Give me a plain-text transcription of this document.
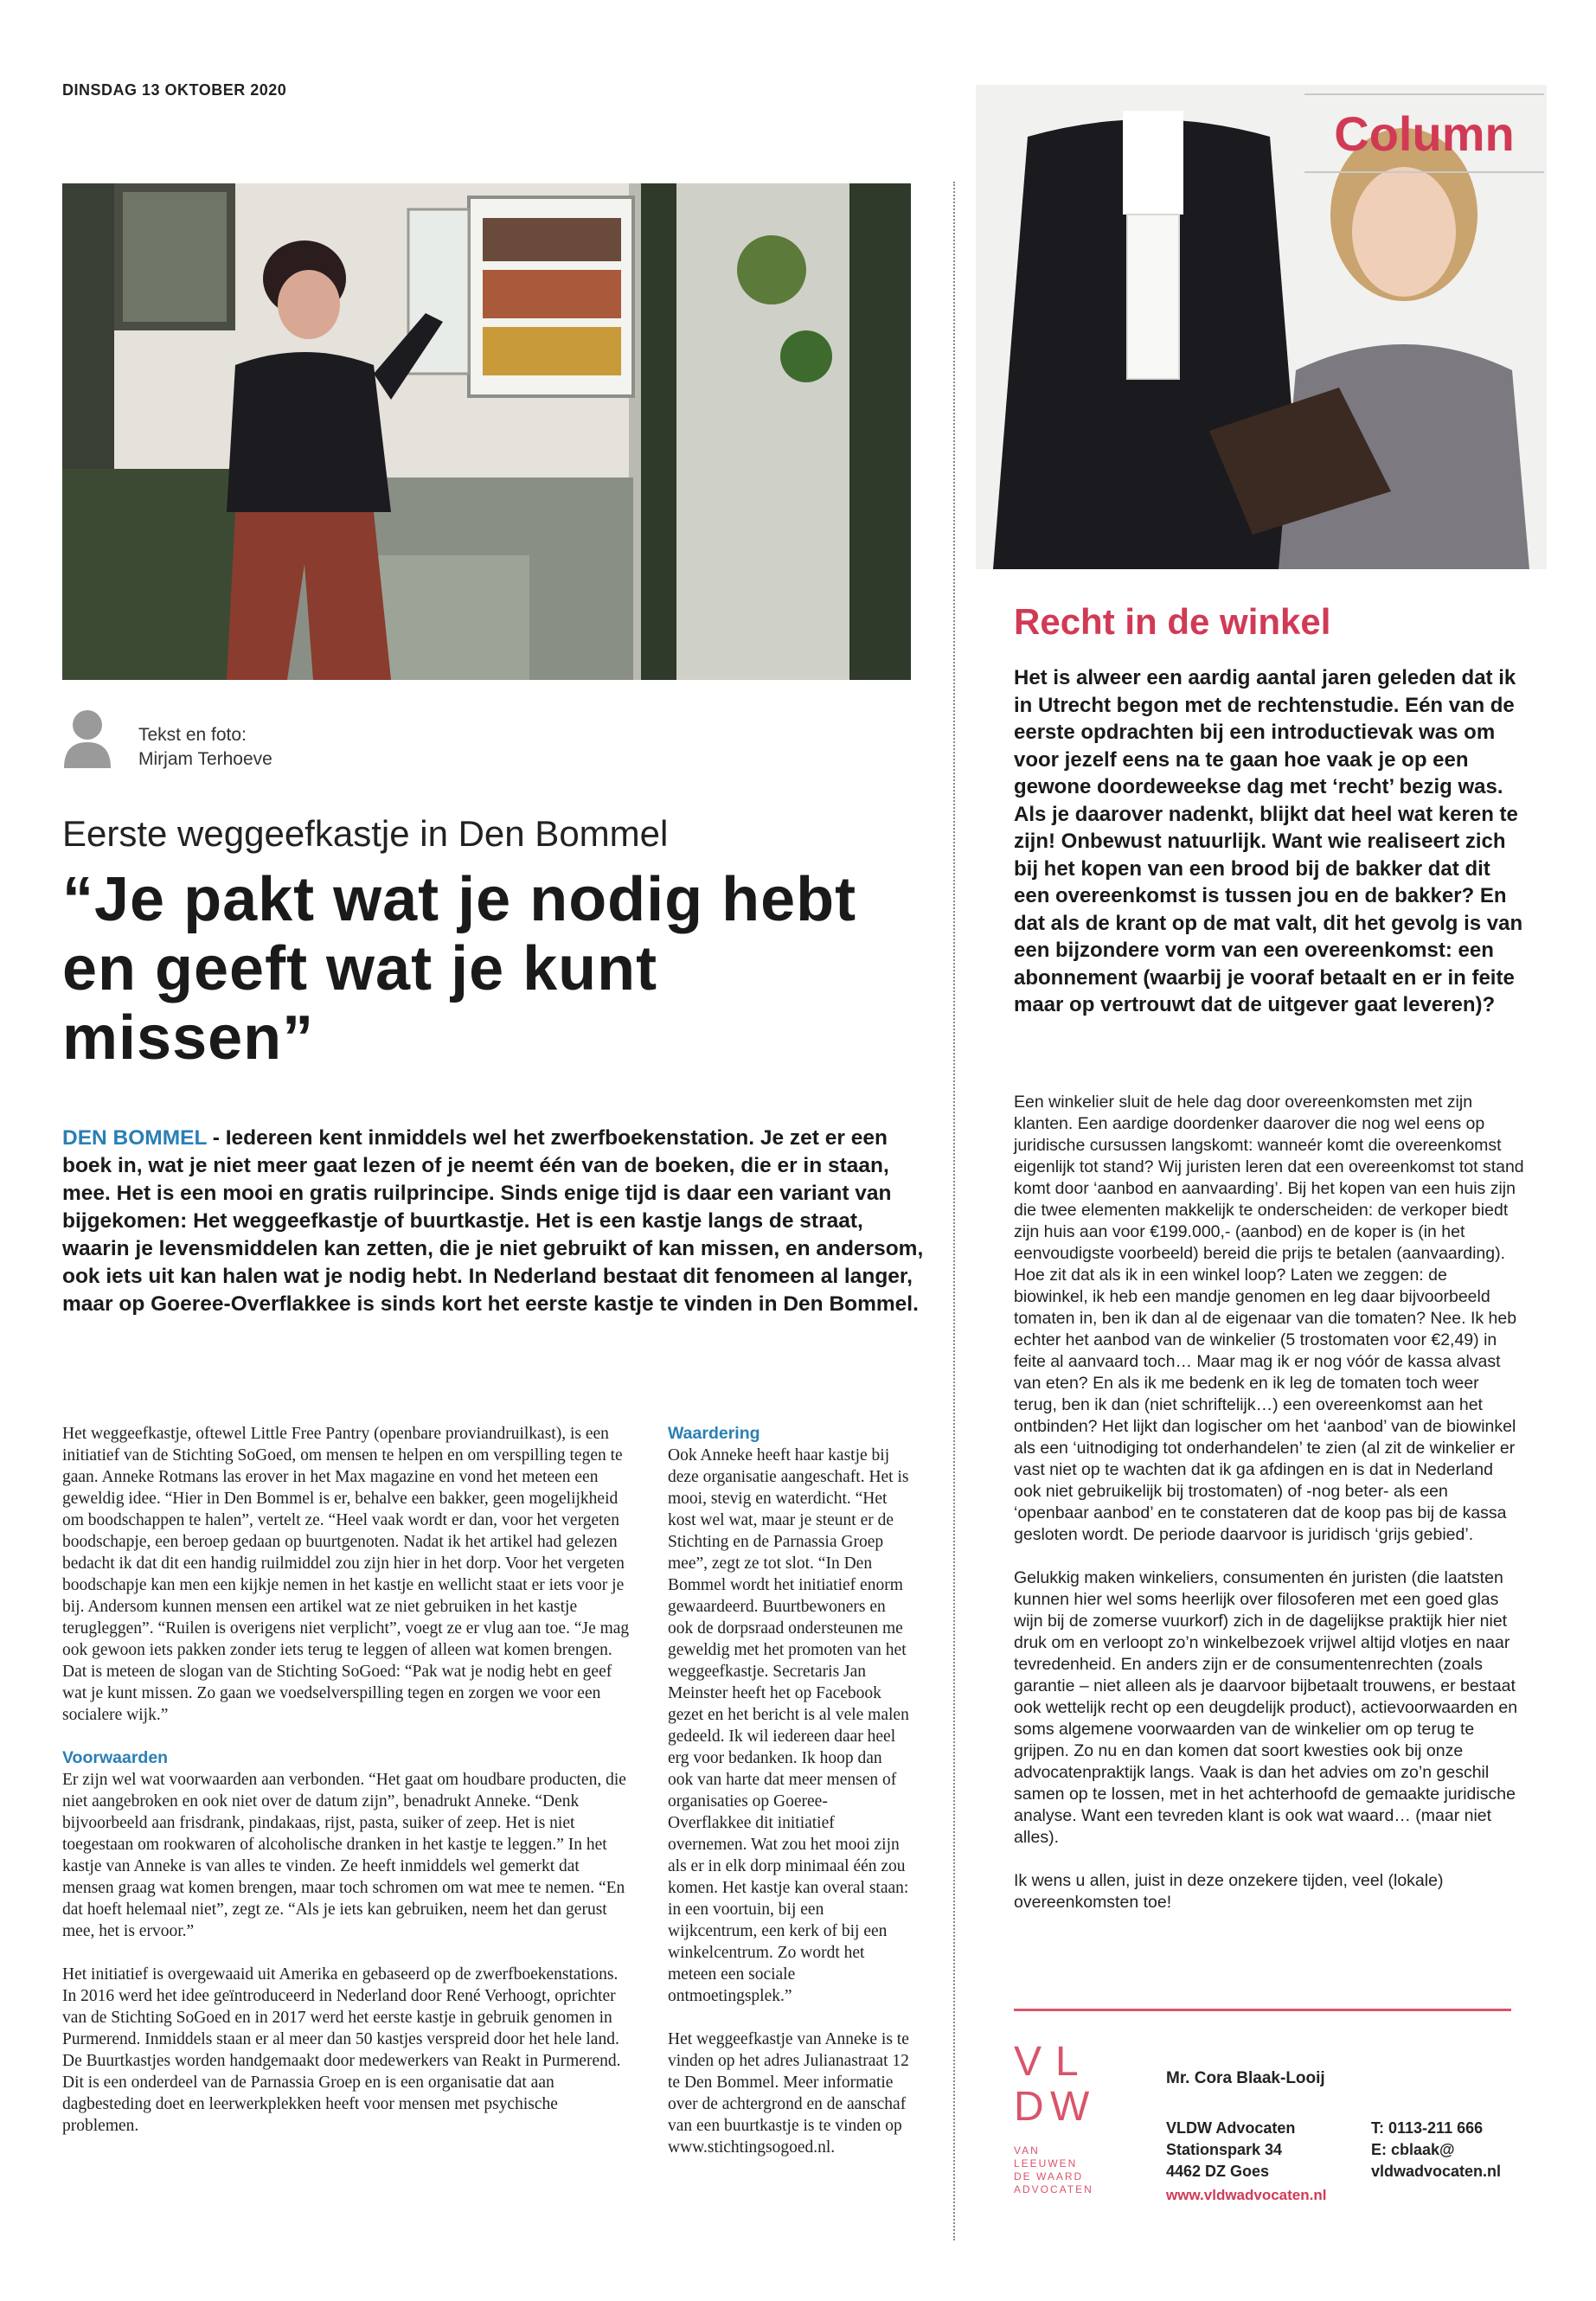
DINSDAG 13 OKTOBER 2020
Column
Tekst en foto:
Mirjam Terhoeve
Eerste weggeefkastje in Den Bommel
“Je pakt wat je nodig hebt en geeft wat je kunt missen”
DEN BOMMEL - Iedereen kent inmiddels wel het zwerfboekenstation. Je zet er een boek in, wat je niet meer gaat lezen of je neemt één van de boeken, die er in staan, mee. Het is een mooi en gratis ruilprincipe. Sinds enige tijd is daar een variant van bijgekomen: Het weggeefkastje of buurtkastje. Het is een kastje langs de straat, waarin je levensmiddelen kan zetten, die je niet gebruikt of kan missen, en andersom, ook iets uit kan halen wat je nodig hebt. In Nederland bestaat dit fenomeen al langer, maar op Goeree-Overflakkee is sinds kort het eerste kastje te vinden in Den Bommel.

Het weggeefkastje, oftewel Little Free Pantry (openbare proviandruilkast), is een initiatief van de Stichting SoGoed, om mensen te helpen en om verspilling tegen te gaan. Anneke Rotmans las erover in het Max magazine en vond het meteen een geweldig idee. “Hier in Den Bommel is er, behalve een bakker, geen mogelijkheid om boodschappen te halen”, vertelt ze. “Heel vaak wordt er dan, voor het vergeten boodschapje, een beroep gedaan op buurtgenoten. Nadat ik het artikel had gelezen bedacht ik dat dit een handig ruilmiddel zou zijn hier in het dorp. Voor het vergeten boodschapje kan men een kijkje nemen in het kastje en wellicht staat er iets voor je bij. Andersom kunnen mensen een artikel wat ze niet gebruiken in het kastje terugleggen”. “Ruilen is overigens niet verplicht”, voegt ze er vlug aan toe. “Je mag ook gewoon iets pakken zonder iets terug te leggen of alleen wat komen brengen. Dat is meteen de slogan van de Stichting SoGoed: “Pak wat je nodig hebt en geef wat je kunt missen. Zo gaan we voedselverspilling tegen en zorgen we voor een socialere wijk.”

Voorwaarden

Er zijn wel wat voorwaarden aan verbonden. “Het gaat om houdbare producten, die niet aangebroken en ook niet over de datum zijn”, benadrukt Anneke. “Denk bijvoorbeeld aan frisdrank, pindakaas, rijst, pasta, suiker of zeep. Het is niet toegestaan om rookwaren of alcoholische dranken in het kastje te leggen.” In het kastje van Anneke is van alles te vinden. Ze heeft inmiddels wel gemerkt dat mensen graag wat komen brengen, maar toch schromen om wat mee te nemen. “En dat hoeft helemaal niet”, zegt ze. “Als je iets kan gebruiken, neem het dan gerust mee, het is ervoor.”

Het initiatief is overgewaaid uit Amerika en gebaseerd op de zwerfboekenstations. In 2016 werd het idee geïntroduceerd in Nederland door René Verhoogt, oprichter van de Stichting SoGoed en in 2017 werd het eerste kastje in gebruik genomen in Purmerend. Inmiddels staan er al meer dan 50 kastjes verspreid door het hele land. De Buurtkastjes worden handgemaakt door medewerkers van Reakt in Purmerend. Dit is een onderdeel van de Parnassia Groep en is een organisatie dat aan dagbesteding doet en leerwerkplekken heeft voor mensen met psychische problemen.

Waardering

Ook Anneke heeft haar kastje bij deze organisatie aangeschaft. Het is mooi, stevig en waterdicht. “Het kost wel wat, maar je steunt er de Stichting en de Parnassia Groep mee”, zegt ze tot slot. “In Den Bommel wordt het initiatief enorm gewaardeerd. Buurtbewoners en ook de dorpsraad ondersteunen me geweldig met het promoten van het weggeefkastje. Secretaris Jan Meinster heeft het op Facebook gezet en het bericht is al vele malen gedeeld. Ik wil iedereen daar heel erg voor bedanken. Ik hoop dan ook van harte dat meer mensen of organisaties op Goeree-Overflakkee dit initiatief overnemen. Wat zou het mooi zijn als er in elk dorp minimaal één zou komen. Het kastje kan overal staan: in een voortuin, bij een wijkcentrum, een kerk of bij een winkelcentrum. Zo wordt het meteen een sociale ontmoetingsplek.”

Het weggeefkastje van Anneke is te vinden op het adres Julianastraat 12 te Den Bommel. Meer informatie over de achtergrond en de aanschaf van een buurtkastje is te vinden op www.stichtingsogoed.nl.

Recht in de winkel
Het is alweer een aardig aantal jaren geleden dat ik in Utrecht begon met de rechtenstudie. Eén van de eerste opdrachten bij een introductievak was om voor jezelf eens na te gaan hoe vaak je op een gewone doordeweekse dag met ‘recht’ bezig was. Als je daarover nadenkt, blijkt dat heel wat keren te zijn! Onbewust natuurlijk. Want wie realiseert zich bij het kopen van een brood bij de bakker dat dit een overeenkomst is tussen jou en de bakker? En dat als de krant op de mat valt, dit het gevolg is van een bijzondere vorm van een overeenkomst: een abonnement (waarbij je vooraf betaalt en er in feite maar op vertrouwt dat de uitgever gaat leveren)?

Een winkelier sluit de hele dag door overeenkomsten met zijn klanten. Een aardige doordenker daarover die nog wel eens op juridische cursussen langskomt: wanneér komt die overeenkomst eigenlijk tot stand? Wij juristen leren dat een overeenkomst tot stand komt door ‘aanbod en aanvaarding’. Bij het kopen van een huis zijn die twee elementen makkelijk te onderscheiden: de verkoper biedt zijn huis aan voor €199.000,- (aanbod) en de koper is (in het eenvoudigste voorbeeld) bereid die prijs te betalen (aanvaarding). Hoe zit dat als ik in een winkel loop? Laten we zeggen: de biowinkel, ik heb een mandje genomen en leg daar bijvoorbeeld tomaten in, ben ik dan al de eigenaar van die tomaten? Nee. Ik heb echter het aanbod van de winkelier (5 trostomaten voor €2,49) in feite al aanvaard toch… Maar mag ik er nog vóór de kassa alvast van eten? En als ik me bedenk en ik leg de tomaten toch weer terug, ben ik dan (niet schriftelijk…) een overeenkomst aan het ontbinden? Het lijkt dan logischer om het ‘aanbod’ van de biowinkel als een ‘uitnodiging tot onderhandelen’ te zien (al zit de winkelier er vast niet op te wachten dat ik ga afdingen en is dat in Nederland ook niet gebruikelijk bij trostomaten) of -nog beter- als een ‘openbaar aanbod’ en te constateren dat de koop pas bij de kassa gesloten wordt. De periode daarvoor is juridisch ‘grijs gebied’.

Gelukkig maken winkeliers, consumenten én juristen (die laatsten kunnen hier wel soms heerlijk over filosoferen met een goed glas wijn bij de zomerse vuurkorf) zich in de dagelijkse praktijk hier niet druk om en verloopt zo’n winkelbezoek vrijwel altijd vlotjes en naar tevredenheid. En anders zijn er de consumentenrechten (zoals garantie – niet alleen als je daarvoor bijbetaalt trouwens, er bestaat ook wettelijk recht op een deugdelijk product), actievoorwaarden en soms algemene voorwaarden van de winkelier om op terug te grijpen. Zo nu en dan komen dat soort kwesties ook bij onze advocatenpraktijk langs. Vaak is dan het advies om zo’n geschil samen op te lossen, met in het achterhoofd de gemaakte juridische analyse. Want een tevreden klant is ook wat waard… (maar niet alles).

Ik wens u allen, juist in deze onzekere tijden, veel (lokale) overeenkomsten toe!

V L
D W
VAN
LEEUWEN
DE WAARD
ADVOCATEN
Mr. Cora Blaak-Looij
VLDW Advocaten
Stationspark 34
4462 DZ Goes
T: 0113-211 666
E: cblaak@
vldwadvocaten.nl
www.vldwadvocaten.nl
